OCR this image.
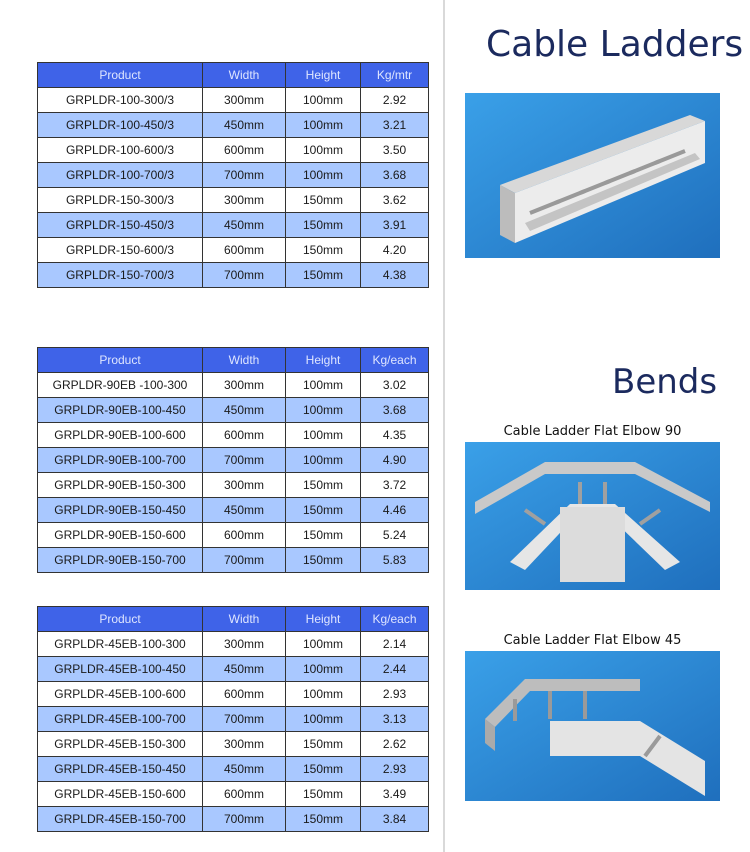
Product	Width	Height	Kg/mtr
GRPLDR-100-300/3	300mm	100mm	2.92
GRPLDR-100-450/3	450mm	100mm	3.21
GRPLDR-100-600/3	600mm	100mm	3.50
GRPLDR-100-700/3	700mm	100mm	3.68
GRPLDR-150-300/3	300mm	150mm	3.62
GRPLDR-150-450/3	450mm	150mm	3.91
GRPLDR-150-600/3	600mm	150mm	4.20
GRPLDR-150-700/3	700mm	150mm	4.38
Product	Width	Height	Kg/each
GRPLDR-90EB -100-300	300mm	100mm	3.02
GRPLDR-90EB-100-450	450mm	100mm	3.68
GRPLDR-90EB-100-600	600mm	100mm	4.35
GRPLDR-90EB-100-700	700mm	100mm	4.90
GRPLDR-90EB-150-300	300mm	150mm	3.72
GRPLDR-90EB-150-450	450mm	150mm	4.46
GRPLDR-90EB-150-600	600mm	150mm	5.24
GRPLDR-90EB-150-700	700mm	150mm	5.83
Product	Width	Height	Kg/each
GRPLDR-45EB-100-300	300mm	100mm	2.14
GRPLDR-45EB-100-450	450mm	100mm	2.44
GRPLDR-45EB-100-600	600mm	100mm	2.93
GRPLDR-45EB-100-700	700mm	100mm	3.13
GRPLDR-45EB-150-300	300mm	150mm	2.62
GRPLDR-45EB-150-450	450mm	150mm	2.93
GRPLDR-45EB-150-600	600mm	150mm	3.49
GRPLDR-45EB-150-700	700mm	150mm	3.84
Cable Ladders
Bends
Cable Ladder Flat Elbow 90
Cable Ladder Flat Elbow 45
